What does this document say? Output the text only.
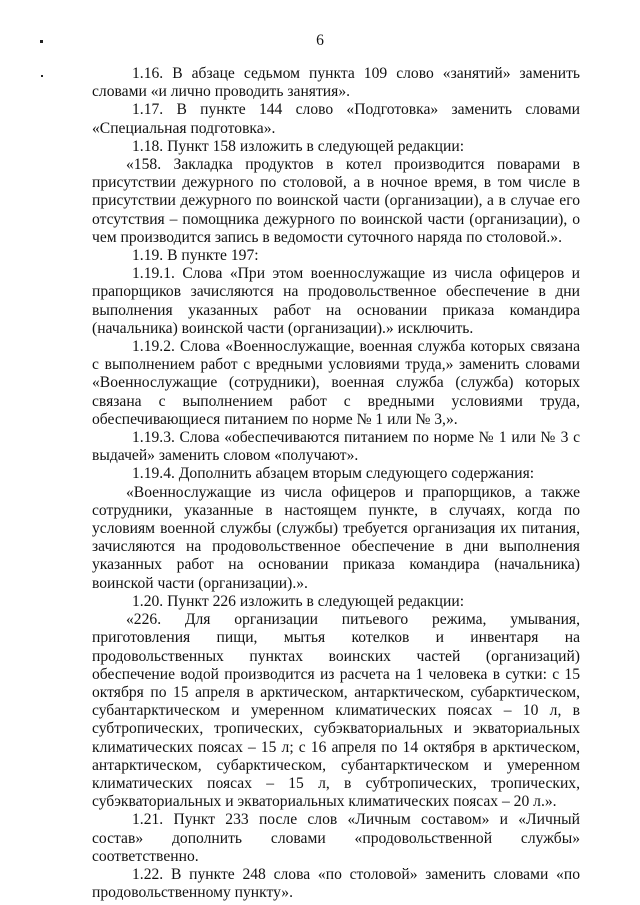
6

1.16. В абзаце седьмом пункта 109 слово «занятий» заменить словами «и лично проводить занятия».

1.17. В пункте 144 слово «Подготовка» заменить словами «Специальная подготовка».

1.18. Пункт 158 изложить в следующей редакции:

«158. Закладка продуктов в котел производится поварами в присутствии дежурного по столовой, а в ночное время, в том числе в присутствии дежурного по воинской части (организации), а в случае его отсутствия – помощника дежурного по воинской части (организации), о чем производится запись в ведомости суточного наряда по столовой.».

1.19. В пункте 197:

1.19.1. Слова «При этом военнослужащие из числа офицеров и прапорщиков зачисляются на продовольственное обеспечение в дни выполнения указанных работ на основании приказа командира (начальника) воинской части (организации).» исключить.

1.19.2. Слова «Военнослужащие, военная служба которых связана с выполнением работ с вредными условиями труда,» заменить словами «Военнослужащие (сотрудники), военная служба (служба) которых связана с выполнением работ с вредными условиями труда, обеспечивающиеся питанием по норме № 1 или № 3,».

1.19.3. Слова «обеспечиваются питанием по норме № 1 или № 3 с выдачей» заменить словом «получают».

1.19.4. Дополнить абзацем вторым следующего содержания:

«Военнослужащие из числа офицеров и прапорщиков, а также сотрудники, указанные в настоящем пункте, в случаях, когда по условиям военной службы (службы) требуется организация их питания, зачисляются на продовольственное обеспечение в дни выполнения указанных работ на основании приказа командира (начальника) воинской части (организации).».

1.20. Пункт 226 изложить в следующей редакции:

«226. Для организации питьевого режима, умывания, приготовления пищи, мытья котелков и инвентаря на продовольственных пунктах воинских частей (организаций) обеспечение водой производится из расчета на 1 человека в сутки: с 15 октября по 15 апреля в арктическом, антарктическом, субарктическом, субантарктическом и умеренном климатических поясах – 10 л, в субтропических, тропических, субэкваториальных и экваториальных климатических поясах – 15 л; с 16 апреля по 14 октября в арктическом, антарктическом, субарктическом, субантарктическом и умеренном климатических поясах – 15 л, в субтропических, тропических, субэкваториальных и экваториальных климатических поясах – 20 л.».

1.21. Пункт 233 после слов «Личным составом» и «Личный состав» дополнить словами «продовольственной службы» соответственно.

1.22. В пункте 248 слова «по столовой» заменить словами «по продовольственному пункту».
